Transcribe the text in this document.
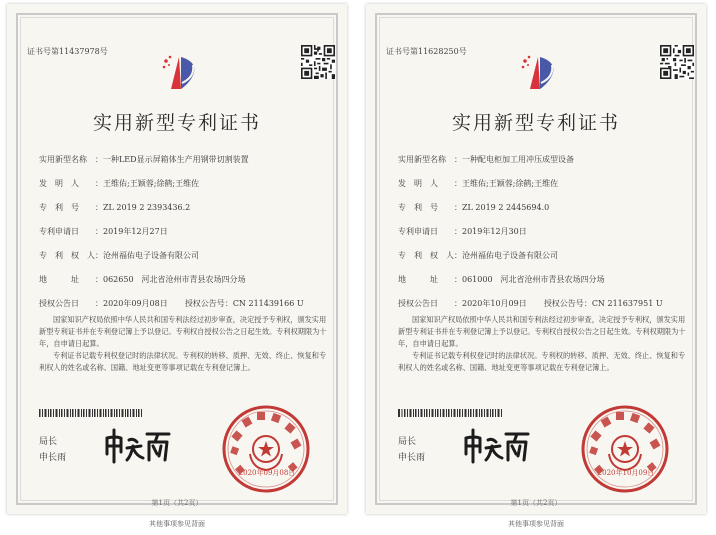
证书号第11437978号
实用新型专利证书
实用新型名称 ：一种LED显示屏箱体生产用钢带切割装置
发　明　人 ：王维佑;王颖蓉;徐鹤;王维佐
专　利　号 ：ZL 2019 2 2393436.2
专利申请日 ：2019年12月27日
专　利　权　人：沧州福佑电子设备有限公司
地　　　址 ：062650　河北省沧州市青县农场四分场
授权公告日 ：2020年09月08日 授权公告号：CN 211439166 U

国家知识产权局依照中华人民共和国专利法经过初步审查，决定授予专利权，颁发实用新型专利证书并在专利登记簿上予以登记。专利权自授权公告之日起生效。专利权期限为十年，自申请日起算。

专利证书记载专利权登记时的法律状况。专利权的转移、质押、无效、终止、恢复和专利权人的姓名或名称、国籍、地址变更等事项记载在专利登记簿上。

局长
申长雨
2020年09月08日
第1页（共2页）
其他事项参见背面
证书号第11628250号
实用新型专利证书
实用新型名称 ：一种配电柜加工用冲压成型设备
发　明　人 ：王维佑;王颖蓉;徐鹤;王维佐
专　利　号 ：ZL 2019 2 2445694.0
专利申请日 ：2019年12月30日
专　利　权　人：沧州福佑电子设备有限公司
地　　　址 ：061000　河北省沧州市青县农场四分场
授权公告日 ：2020年10月09日 授权公告号：CN 211637951 U

国家知识产权局依照中华人民共和国专利法经过初步审查，决定授予专利权，颁发实用新型专利证书并在专利登记簿上予以登记。专利权自授权公告之日起生效。专利权期限为十年，自申请日起算。

专利证书记载专利权登记时的法律状况。专利权的转移、质押、无效、终止、恢复和专利权人的姓名或名称、国籍、地址变更等事项记载在专利登记簿上。

局长
申长雨
2020年10月09日
第1页（共2页）
其他事项参见背面
